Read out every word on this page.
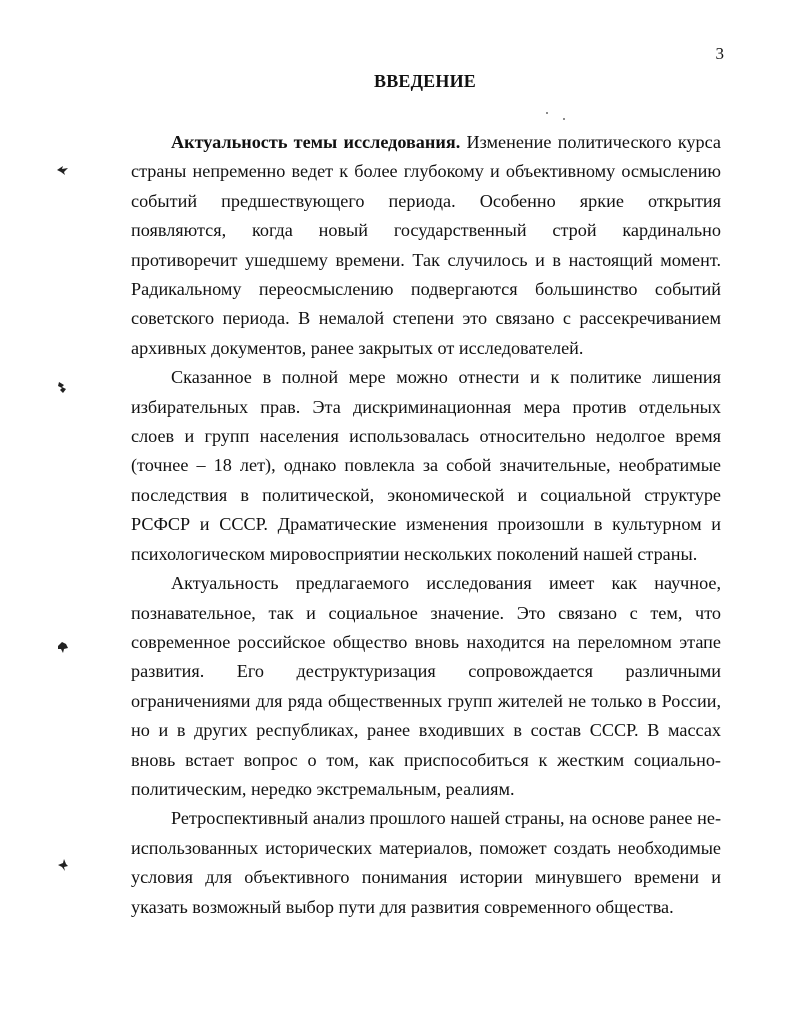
3
ВВЕДЕНИЕ

Актуальность темы исследования. Изменение политического курса страны непременно ведет к более глубокому и объективному осмыслению событий предшествующего периода. Особенно яркие открытия появляются, когда новый государственный строй кардинально противоречит ушедшему времени. Так случилось и в настоящий момент. Радикальному переосмыслению подвергаются большинство событий советского периода. В немалой степени это связано с рассекречиванием архивных документов, ранее закрытых от исследователей.

Сказанное в полной мере можно отнести и к политике лишения избирательных прав. Эта дискриминационная мера против отдельных слоев и групп населения использовалась относительно недолгое время (точнее – 18 лет), однако повлекла за собой значительные, необратимые последствия в политической, экономической и социальной структуре РСФСР и СССР. Драматические изменения произошли в культурном и психологическом мировосприятии нескольких поколений нашей страны.

Актуальность предлагаемого исследования имеет как научное, познавательное, так и социальное значение. Это связано с тем, что современное российское общество вновь находится на переломном этапе развития. Его деструктуризация сопровождается различными ограничениями для ряда общественных групп жителей не только в России, но и в других республиках, ранее входивших в состав СССР. В массах вновь встает вопрос о том, как приспособиться к жестким социально-политическим, нередко экстремальным, реалиям.

Ретроспективный анализ прошлого нашей страны, на основе ранее неиспользованных исторических материалов, поможет создать необходимые условия для объективного понимания истории минувшего времени и указать возможный выбор пути для развития современного общества.
